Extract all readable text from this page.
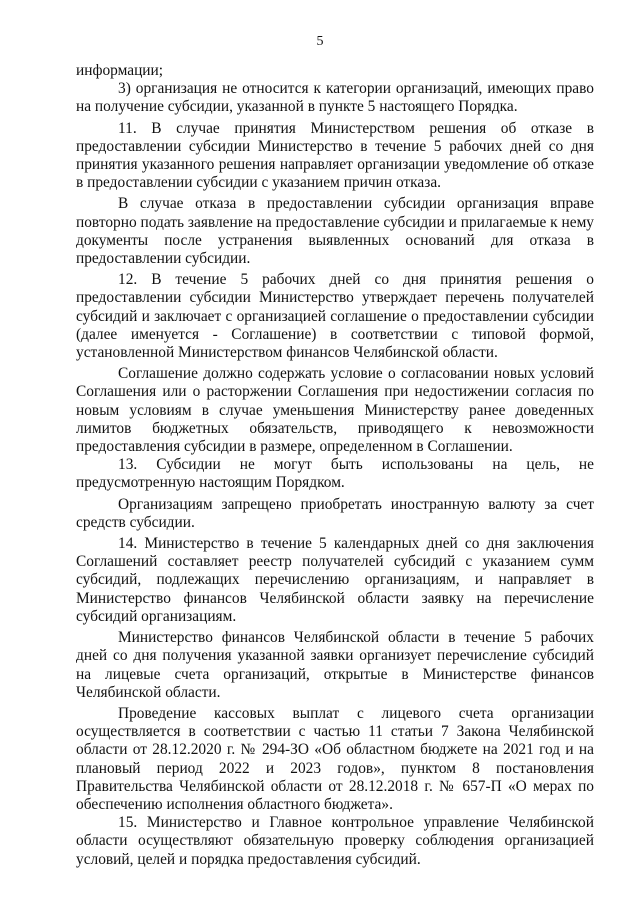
5

информации;

3) организация не относится к категории организаций, имеющих право на получение субсидии, указанной в пункте 5 настоящего Порядка.

11. В случае принятия Министерством решения об отказе в предоставлении субсидии Министерство в течение 5 рабочих дней со дня принятия указанного решения направляет организации уведомление об отказе в предоставлении субсидии с указанием причин отказа.

В случае отказа в предоставлении субсидии организация вправе повторно подать заявление на предоставление субсидии и прилагаемые к нему документы после устранения выявленных оснований для отказа в предоставлении субсидии.

12. В течение 5 рабочих дней со дня принятия решения о предоставлении субсидии Министерство утверждает перечень получателей субсидий и заключает с организацией соглашение о предоставлении субсидии (далее именуется - Соглашение) в соответствии с типовой формой, установленной Министерством финансов Челябинской области.

Соглашение должно содержать условие о согласовании новых условий Соглашения или о расторжении Соглашения при недостижении согласия по новым условиям в случае уменьшения Министерству ранее доведенных лимитов бюджетных обязательств, приводящего к невозможности предоставления субсидии в размере, определенном в Соглашении.

13. Субсидии не могут быть использованы на цель, не предусмотренную настоящим Порядком.

Организациям запрещено приобретать иностранную валюту за счет средств субсидии.

14. Министерство в течение 5 календарных дней со дня заключения Соглашений составляет реестр получателей субсидий с указанием сумм субсидий, подлежащих перечислению организациям, и направляет в Министерство финансов Челябинской области заявку на перечисление субсидий организациям.

Министерство финансов Челябинской области в течение 5 рабочих дней со дня получения указанной заявки организует перечисление субсидий на лицевые счета организаций, открытые в Министерстве финансов Челябинской области.

Проведение кассовых выплат с лицевого счета организации осуществляется в соответствии с частью 11 статьи 7 Закона Челябинской области от 28.12.2020 г. № 294-ЗО «Об областном бюджете на 2021 год и на плановый период 2022 и 2023 годов», пунктом 8 постановления Правительства Челябинской области от 28.12.2018 г. № 657-П «О мерах по обеспечению исполнения областного бюджета».

15. Министерство и Главное контрольное управление Челябинской области осуществляют обязательную проверку соблюдения организацией условий, целей и порядка предоставления субсидий.
